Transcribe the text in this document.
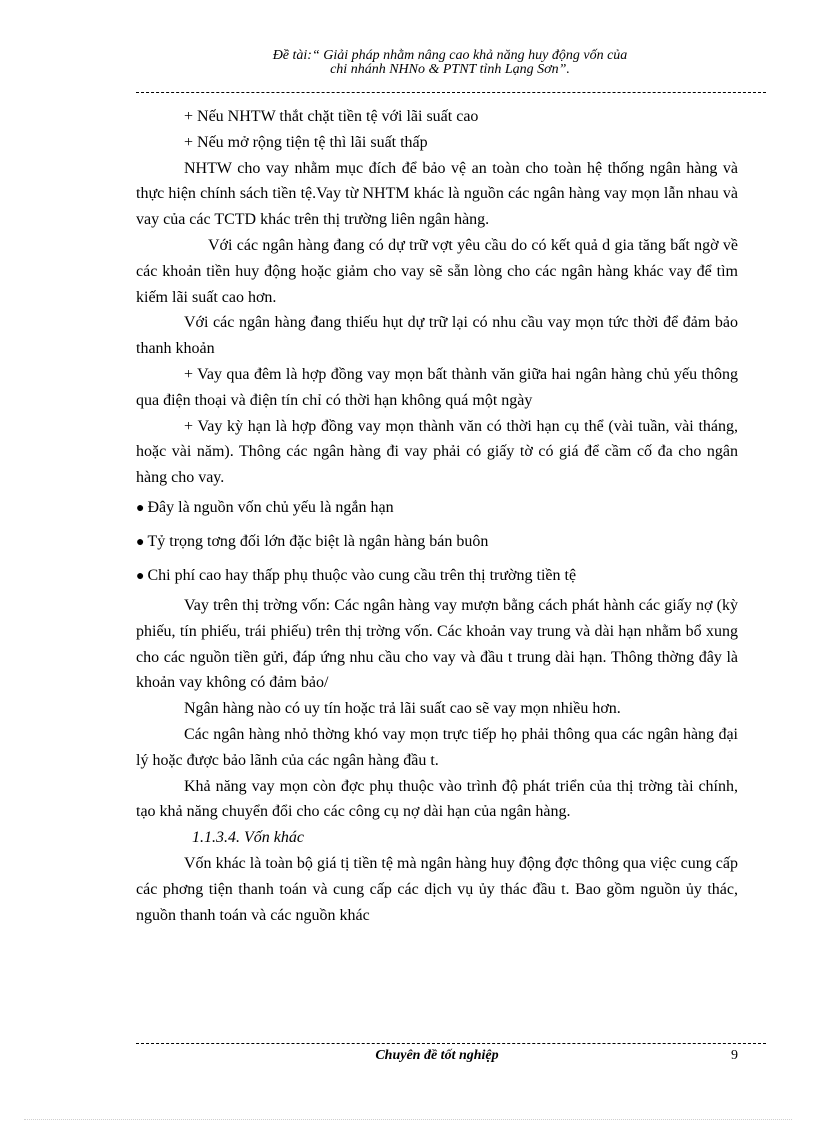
Đề tài:“ Giải pháp nhằm nâng cao khả năng huy động vốn của
chi nhánh NHNo & PTNT tỉnh Lạng Sơn”.

+ Nếu NHTW thắt chặt tiền tệ với lãi suất cao

+ Nếu mở rộng tiện tệ thì lãi suất thấp

NHTW cho vay nhằm mục đích để bảo vệ an toàn cho toàn hệ thống ngân hàng và thực hiện chính sách tiền tệ.Vay từ NHTM khác là nguồn các ngân hàng vay mọn lẫn nhau và vay của các TCTD khác trên thị trường liên ngân hàng.

Với các ngân hàng đang có dự trữ vợt yêu cầu do có kết quả d gia tăng bất ngờ về các khoản tiền huy động hoặc giảm cho vay sẽ sẵn lòng cho các ngân hàng khác vay để tìm kiếm lãi suất cao hơn.

Với các ngân hàng đang thiếu hụt dự trữ lại có nhu cầu vay mọn tức thời để đảm bảo thanh khoản

+ Vay qua đêm là hợp đồng vay mọn bất thành văn giữa hai ngân hàng chủ yếu thông qua điện thoại và điện tín chỉ có thời hạn không quá một ngày

+ Vay kỳ hạn là hợp đồng vay mọn thành văn có thời hạn cụ thể (vài tuần, vài tháng, hoặc vài năm). Thông các ngân hàng đi vay phải có giấy tờ có giá để cầm cố đa cho ngân hàng cho vay.

● Đây là nguồn vốn chủ yếu là ngắn hạn

● Tỷ trọng tơng đối lớn đặc biệt là ngân hàng bán buôn

● Chi phí cao hay thấp phụ thuộc vào cung cầu trên thị trường tiền tệ

Vay trên thị trờng vốn: Các ngân hàng vay mượn bằng cách phát hành các giấy nợ (kỳ phiếu, tín phiếu, trái phiếu) trên thị trờng vốn. Các khoản vay trung và dài hạn nhằm bổ xung cho các nguồn tiền gửi, đáp ứng nhu cầu cho vay và đầu t trung dài hạn. Thông thờng đây là khoản vay không có đảm bảo/

Ngân hàng nào có uy tín hoặc trả lãi suất cao sẽ vay mọn nhiều hơn.

Các ngân hàng nhỏ thờng khó vay mọn trực tiếp họ phải thông qua các ngân hàng đại lý hoặc được bảo lãnh của các ngân hàng đầu t.

Khả năng vay mọn còn đợc phụ thuộc vào trình độ phát triển của thị trờng tài chính, tạo khả năng chuyển đổi cho các công cụ nợ dài hạn của ngân hàng.

1.1.3.4. Vốn khác

Vốn khác là toàn bộ giá tị tiền tệ mà ngân hàng huy động đợc thông qua việc cung cấp các phơng tiện thanh toán và cung cấp các dịch vụ ủy thác đầu t. Bao gồm nguồn ủy thác, nguồn thanh toán và các nguồn khác

Chuyên đề tốt nghiệp	9
